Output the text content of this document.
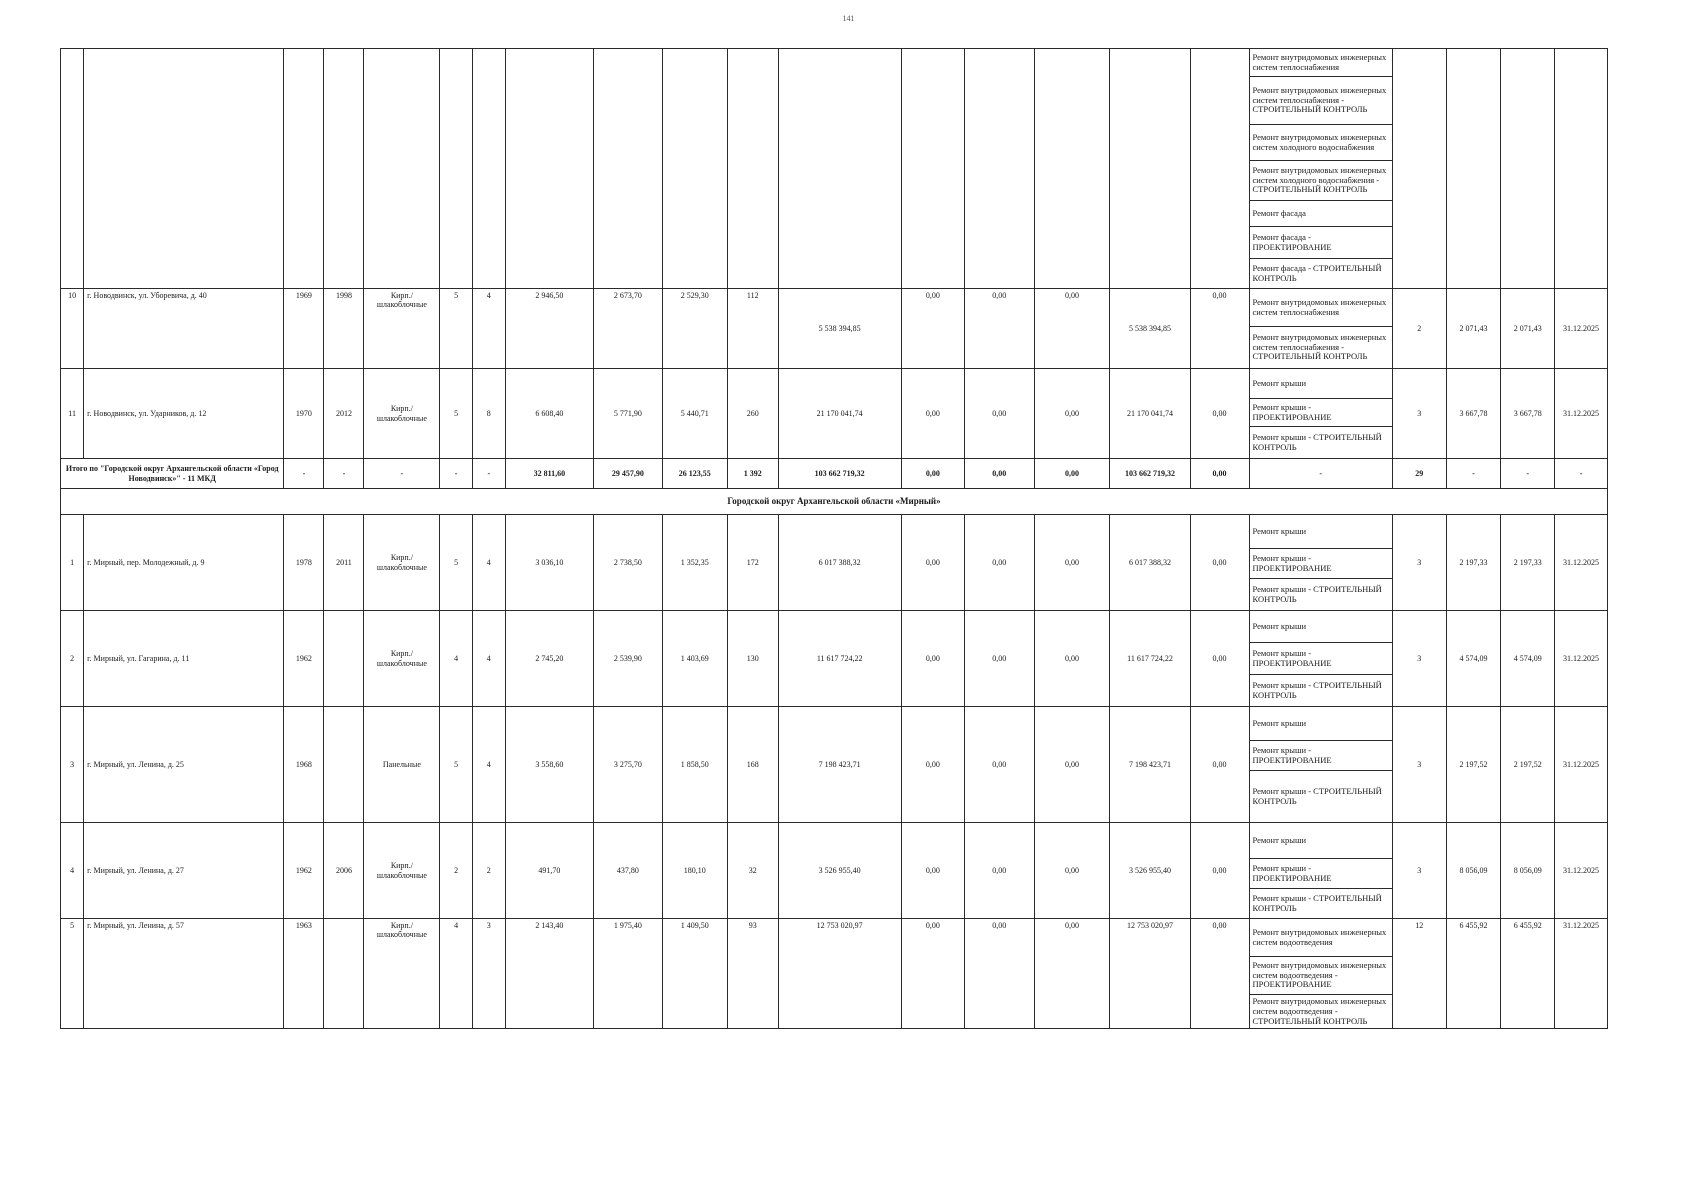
141
																	Ремонт внутридомовых инженерных систем теплоснабжения				
																	Ремонт внутридомовых инженерных систем теплоснабжения - СТРОИТЕЛЬНЫЙ КОНТРОЛЬ				
																	Ремонт внутридомовых инженерных систем холодного водоснабжения				
																	Ремонт внутридомовых инженерных систем холодного водоснабжения - СТРОИТЕЛЬНЫЙ КОНТРОЛЬ				
																	Ремонт фасада				
																	Ремонт фасада - ПРОЕКТИРОВАНИЕ				
																	Ремонт фасада - СТРОИТЕЛЬНЫЙ КОНТРОЛЬ				
10	г. Новодвинск, ул. Уборевича, д. 40	1969	1998	Кирп./ шлакоблочные	5	4	2 946,50	2 673,70	2 529,30	112	5 538 394,85	0,00	0,00	0,00	5 538 394,85	0,00	Ремонт внутридомовых инженерных систем теплоснабжения	2	2 071,43	2 071,43	31.12.2025
																	Ремонт внутридомовых инженерных систем теплоснабжения - СТРОИТЕЛЬНЫЙ КОНТРОЛЬ				
11	г. Новодвинск, ул. Ударников, д. 12	1970	2012	Кирп./ шлакоблочные	5	8	6 608,40	5 771,90	5 440,71	260	21 170 041,74	0,00	0,00	0,00	21 170 041,74	0,00	Ремонт крыши	3	3 667,78	3 667,78	31.12.2025
																	Ремонт крыши - ПРОЕКТИРОВАНИЕ				
																	Ремонт крыши - СТРОИТЕЛЬНЫЙ КОНТРОЛЬ				
Итого по "Городской округ Архангельской области «Город Новодвинск»" - 11 МКД		-	-	-	-	-	32 811,60	29 457,90	26 123,55	1 392	103 662 719,32	0,00	0,00	0,00	103 662 719,32	0,00	-	29	-	-	-
Городской округ Архангельской области «Мирный»																					
1	г. Мирный, пер. Молодежный, д. 9	1978	2011	Кирп./ шлакоблочные	5	4	3 036,10	2 738,50	1 352,35	172	6 017 388,32	0,00	0,00	0,00	6 017 388,32	0,00	Ремонт крыши	3	2 197,33	2 197,33	31.12.2025
																	Ремонт крыши - ПРОЕКТИРОВАНИЕ				
																	Ремонт крыши - СТРОИТЕЛЬНЫЙ КОНТРОЛЬ				
2	г. Мирный, ул. Гагарина, д. 11	1962		Кирп./ шлакоблочные	4	4	2 745,20	2 539,90	1 403,69	130	11 617 724,22	0,00	0,00	0,00	11 617 724,22	0,00	Ремонт крыши	3	4 574,09	4 574,09	31.12.2025
																	Ремонт крыши - ПРОЕКТИРОВАНИЕ				
																	Ремонт крыши - СТРОИТЕЛЬНЫЙ КОНТРОЛЬ				
3	г. Мирный, ул. Ленина, д. 25	1968		Панельные	5	4	3 558,60	3 275,70	1 858,50	168	7 198 423,71	0,00	0,00	0,00	7 198 423,71	0,00	Ремонт крыши	3	2 197,52	2 197,52	31.12.2025
																	Ремонт крыши - ПРОЕКТИРОВАНИЕ				
																	Ремонт крыши - СТРОИТЕЛЬНЫЙ КОНТРОЛЬ				
4	г. Мирный, ул. Ленина, д. 27	1962	2006	Кирп./ шлакоблочные	2	2	491,70	437,80	180,10	32	3 526 955,40	0,00	0,00	0,00	3 526 955,40	0,00	Ремонт крыши	3	8 056,09	8 056,09	31.12.2025
																	Ремонт крыши - ПРОЕКТИРОВАНИЕ				
																	Ремонт крыши - СТРОИТЕЛЬНЫЙ КОНТРОЛЬ				
5	г. Мирный, ул. Ленина, д. 57	1963		Кирп./ шлакоблочные	4	3	2 143,40	1 975,40	1 409,50	93	12 753 020,97	0,00	0,00	0,00	12 753 020,97	0,00	Ремонт внутридомовых инженерных систем водоотведения	12	6 455,92	6 455,92	31.12.2025
																	Ремонт внутридомовых инженерных систем водоотведения - ПРОЕКТИРОВАНИЕ				
																	Ремонт внутридомовых инженерных систем водоотведения - СТРОИТЕЛЬНЫЙ КОНТРОЛЬ				
